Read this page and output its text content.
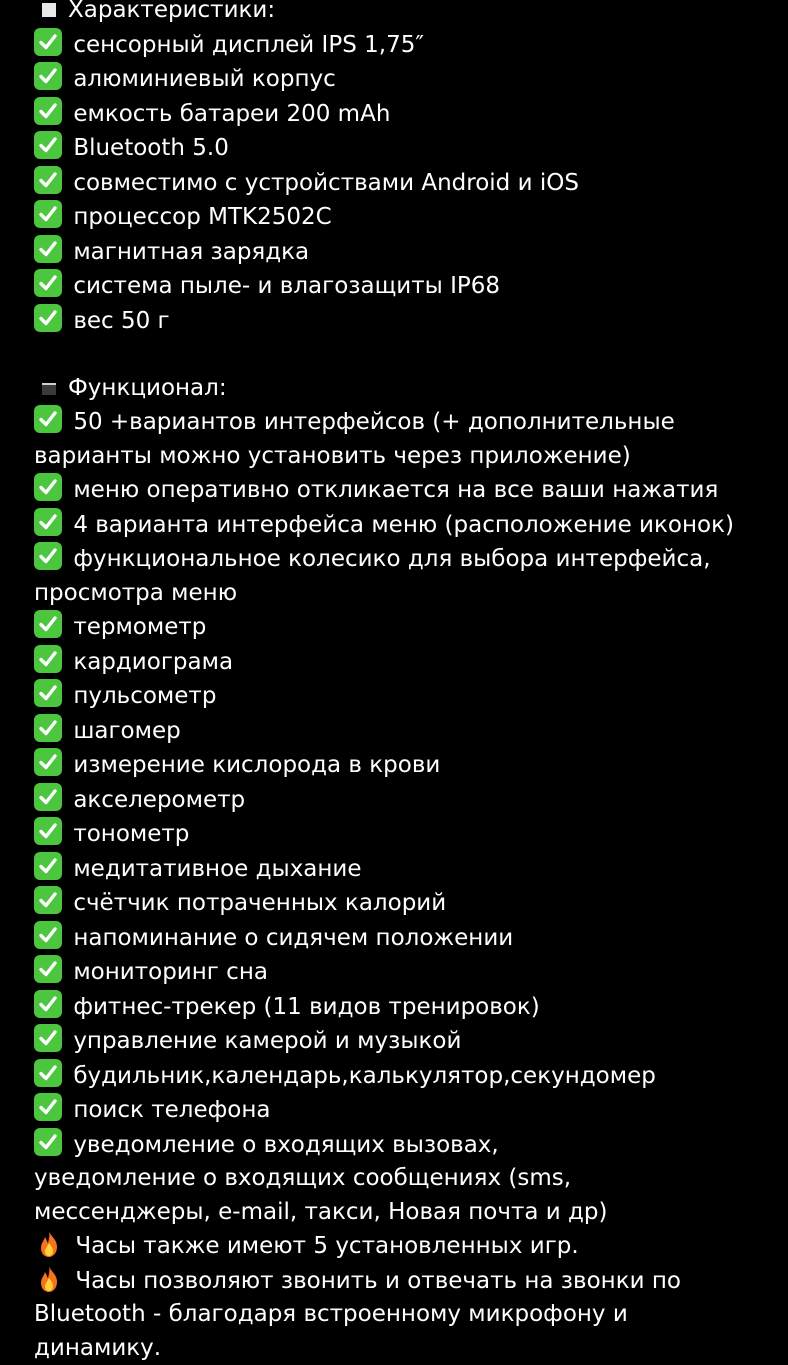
Характеристики:
сенсорный дисплей IPS 1,75″
алюминиевый корпус
емкость батареи 200 mAh
Bluetooth 5.0
совместимо с устройствами Android и iOS
процессор MTK2502C
магнитная зарядка
система пыле- и влагозащиты IP68
вес 50 г
Функционал:
50 +вариантов интерфейсов (+ дополнительные
варианты можно установить через приложение)
меню оперативно откликается на все ваши нажатия
4 варианта интерфейса меню (расположение иконок)
функциональное колесико для выбора интерфейса,
просмотра меню
термометр
кардиограма
пульсометр
шагомер
измерение кислорода в крови
акселерометр
тонометр
медитативное дыхание
счётчик потраченных калорий
напоминание о сидячем положении
мониторинг сна
фитнес-трекер (11 видов тренировок)
управление камерой и музыкой
будильник,календарь,калькулятор,секундомер
поиск телефона
уведомление о входящих вызовах,
уведомление о входящих сообщениях (sms,
мессенджеры, e-mail, такси, Новая почта и др)
Часы также имеют 5 установленных игр.
Часы позволяют звонить и отвечать на звонки по
Bluetooth - благодаря встроенному микрофону и
динамику.
